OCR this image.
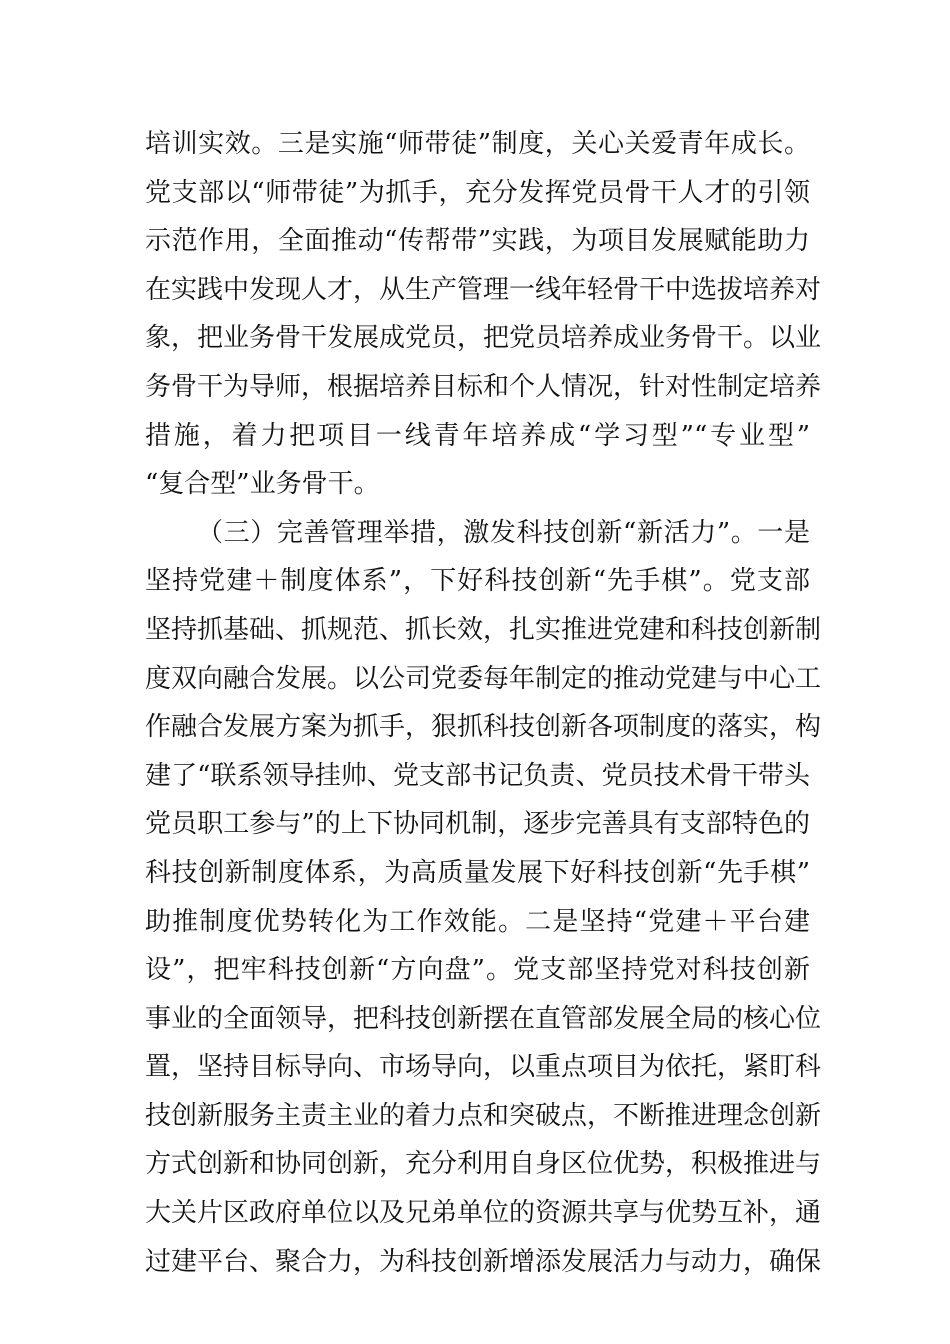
培训实效。三是实施“师带徒”制度，关心关爱青年成长。
党支部以“师带徒”为抓手，充分发挥党员骨干人才的引领
示范作用，全面推动“传帮带”实践，为项目发展赋能助力
在实践中发现人才，从生产管理一线年轻骨干中选拔培养对
象，把业务骨干发展成党员，把党员培养成业务骨干。以业
务骨干为导师，根据培养目标和个人情况，针对性制定培养
措施，着力把项目一线青年培养成“学习型”“专业型”
“复合型”业务骨干。
（三）完善管理举措，激发科技创新“新活力”。一是
坚持党建＋制度体系”，下好科技创新“先手棋”。党支部
坚持抓基础、抓规范、抓长效，扎实推进党建和科技创新制
度双向融合发展。以公司党委每年制定的推动党建与中心工
作融合发展方案为抓手，狠抓科技创新各项制度的落实，构
建了“联系领导挂帅、党支部书记负责、党员技术骨干带头
党员职工参与”的上下协同机制，逐步完善具有支部特色的
科技创新制度体系，为高质量发展下好科技创新“先手棋”
助推制度优势转化为工作效能。二是坚持“党建＋平台建
设”，把牢科技创新“方向盘”。党支部坚持党对科技创新
事业的全面领导，把科技创新摆在直管部发展全局的核心位
置，坚持目标导向、市场导向，以重点项目为依托，紧盯科
技创新服务主责主业的着力点和突破点，不断推进理念创新
方式创新和协同创新，充分利用自身区位优势，积极推进与
大关片区政府单位以及兄弟单位的资源共享与优势互补，通
过建平台、聚合力，为科技创新增添发展活力与动力，确保
